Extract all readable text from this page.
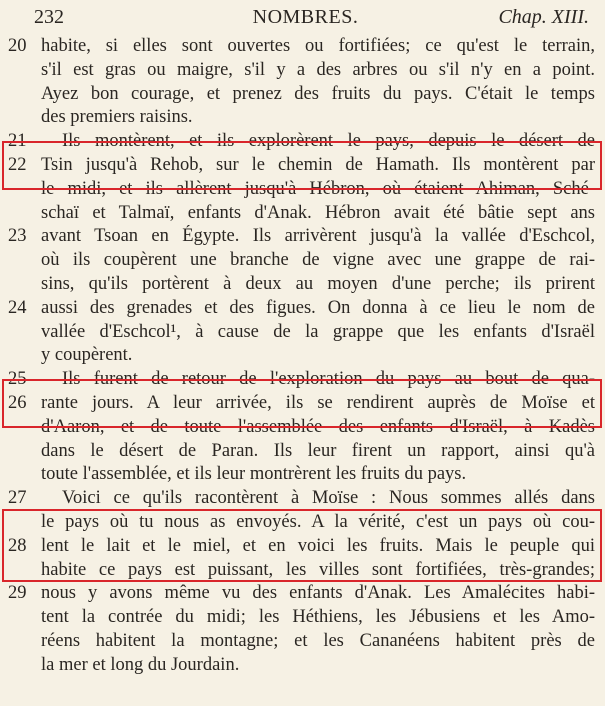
232	NOMBRES.	Chap. XIII.
20 habite, si elles sont ouvertes ou fortifiées; ce qu'est le terrain,
s'il est gras ou maigre, s'il y a des arbres ou s'il n'y en a point.
Ayez bon courage, et prenez des fruits du pays. C'était le temps
des premiers raisins.
21	Ils montèrent, et ils explorèrent le pays, depuis le désert de
22 Tsin jusqu'à Rehob, sur le chemin de Hamath. Ils montèrent par
le midi, et ils allèrent jusqu'à Hébron, où étaient Ahiman, Sché-
schaï et Talmaï, enfants d'Anak. Hébron avait été bâtie sept ans
23 avant Tsoan en Égypte. Ils arrivèrent jusqu'à la vallée d'Eschcol,
où ils coupèrent une branche de vigne avec une grappe de rai-
sins, qu'ils portèrent à deux au moyen d'une perche; ils prirent
24 aussi des grenades et des figues. On donna à ce lieu le nom de
vallée d'Eschcol¹, à cause de la grappe que les enfants d'Israël
y coupèrent.
25	Ils furent de retour de l'exploration du pays au bout de qua-
26 rante jours. A leur arrivée, ils se rendirent auprès de Moïse et
d'Aaron, et de toute l'assemblée des enfants d'Israël, à Kadès
dans le désert de Paran. Ils leur firent un rapport, ainsi qu'à
toute l'assemblée, et ils leur montrèrent les fruits du pays.
27	Voici ce qu'ils racontèrent à Moïse : Nous sommes allés dans
le pays où tu nous as envoyés. A la vérité, c'est un pays où cou-
28 lent le lait et le miel, et en voici les fruits. Mais le peuple qui
habite ce pays est puissant, les villes sont fortifiées, très-grandes;
29 nous y avons même vu des enfants d'Anak. Les Amalécites habi-
tent la contrée du midi; les Héthiens, les Jébusiens et les Amo-
réens habitent la montagne; et les Cananéens habitent près de
la mer et long du Jourdain.
